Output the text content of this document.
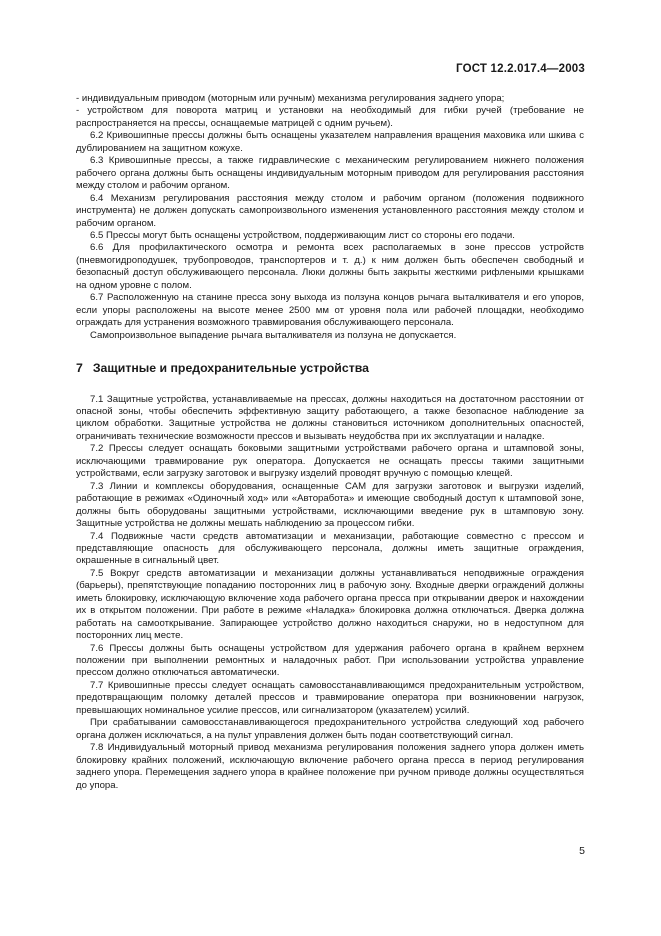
ГОСТ 12.2.017.4—2003

- индивидуальным приводом (моторным или ручным) механизма регулирования заднего упора;

- устройством для поворота матриц и установки на необходимый для гибки ручей (требование не распространяется на прессы, оснащаемые матрицей с одним ручьем).

6.2 Кривошипные прессы должны быть оснащены указателем направления вращения маховика или шкива с дублированием на защитном кожухе.

6.3 Кривошипные прессы, а также гидравлические с механическим регулированием нижнего положения рабочего органа должны быть оснащены индивидуальным моторным приводом для регулирования расстояния между столом и рабочим органом.

6.4 Механизм регулирования расстояния между столом и рабочим органом (положения подвижного инструмента) не должен допускать самопроизвольного изменения установленного расстояния между столом и рабочим органом.

6.5 Прессы могут быть оснащены устройством, поддерживающим лист со стороны его подачи.

6.6 Для профилактического осмотра и ремонта всех располагаемых в зоне прессов устройств (пневмогидроподушек, трубопроводов, транспортеров и т. д.) к ним должен быть обеспечен свободный и безопасный доступ обслуживающего персонала. Люки должны быть закрыты жесткими рифлеными крышками на одном уровне с полом.

6.7 Расположенную на станине пресса зону выхода из ползуна концов рычага выталкивателя и его упоров, если упоры расположены на высоте менее 2500 мм от уровня пола или рабочей площадки, необходимо ограждать для устранения возможного травмирования обслуживающего персонала.

Самопроизвольное выпадение рычага выталкивателя из ползуна не допускается.

7 Защитные и предохранительные устройства

7.1 Защитные устройства, устанавливаемые на прессах, должны находиться на достаточном расстоянии от опасной зоны, чтобы обеспечить эффективную защиту работающего, а также безопасное наблюдение за циклом обработки. Защитные устройства не должны становиться источником дополнительных опасностей, ограничивать технические возможности прессов и вызывать неудобства при их эксплуатации и наладке.

7.2 Прессы следует оснащать боковыми защитными устройствами рабочего органа и штамповой зоны, исключающими травмирование рук оператора. Допускается не оснащать прессы такими защитными устройствами, если загрузку заготовок и выгрузку изделий проводят вручную с помощью клещей.

7.3 Линии и комплексы оборудования, оснащенные САМ для загрузки заготовок и выгрузки изделий, работающие в режимах «Одиночный ход» или «Авторабота» и имеющие свободный доступ к штамповой зоне, должны быть оборудованы защитными устройствами, исключающими введение рук в штамповую зону. Защитные устройства не должны мешать наблюдению за процессом гибки.

7.4 Подвижные части средств автоматизации и механизации, работающие совместно с прессом и представляющие опасность для обслуживающего персонала, должны иметь защитные ограждения, окрашенные в сигнальный цвет.

7.5 Вокруг средств автоматизации и механизации должны устанавливаться неподвижные ограждения (барьеры), препятствующие попаданию посторонних лиц в рабочую зону. Входные дверки ограждений должны иметь блокировку, исключающую включение хода рабочего органа пресса при открывании дверок и нахождении их в открытом положении. При работе в режиме «Наладка» блокировка должна отключаться. Дверка должна работать на самооткрывание. Запирающее устройство должно находиться снаружи, но в недоступном для посторонних лиц месте.

7.6 Прессы должны быть оснащены устройством для удержания рабочего органа в крайнем верхнем положении при выполнении ремонтных и наладочных работ. При использовании устройства управление прессом должно отключаться автоматически.

7.7 Кривошипные прессы следует оснащать самовосстанавливающимся предохранительным устройством, предотвращающим поломку деталей прессов и травмирование оператора при возникновении нагрузок, превышающих номинальное усилие прессов, или сигнализатором (указателем) усилий.

При срабатывании самовосстанавливающегося предохранительного устройства следующий ход рабочего органа должен исключаться, а на пульт управления должен быть подан соответствующий сигнал.

7.8 Индивидуальный моторный привод механизма регулирования положения заднего упора должен иметь блокировку крайних положений, исключающую включение рабочего органа пресса в период регулирования заднего упора. Перемещения заднего упора в крайнее положение при ручном приводе должны осуществляться до упора.

5
